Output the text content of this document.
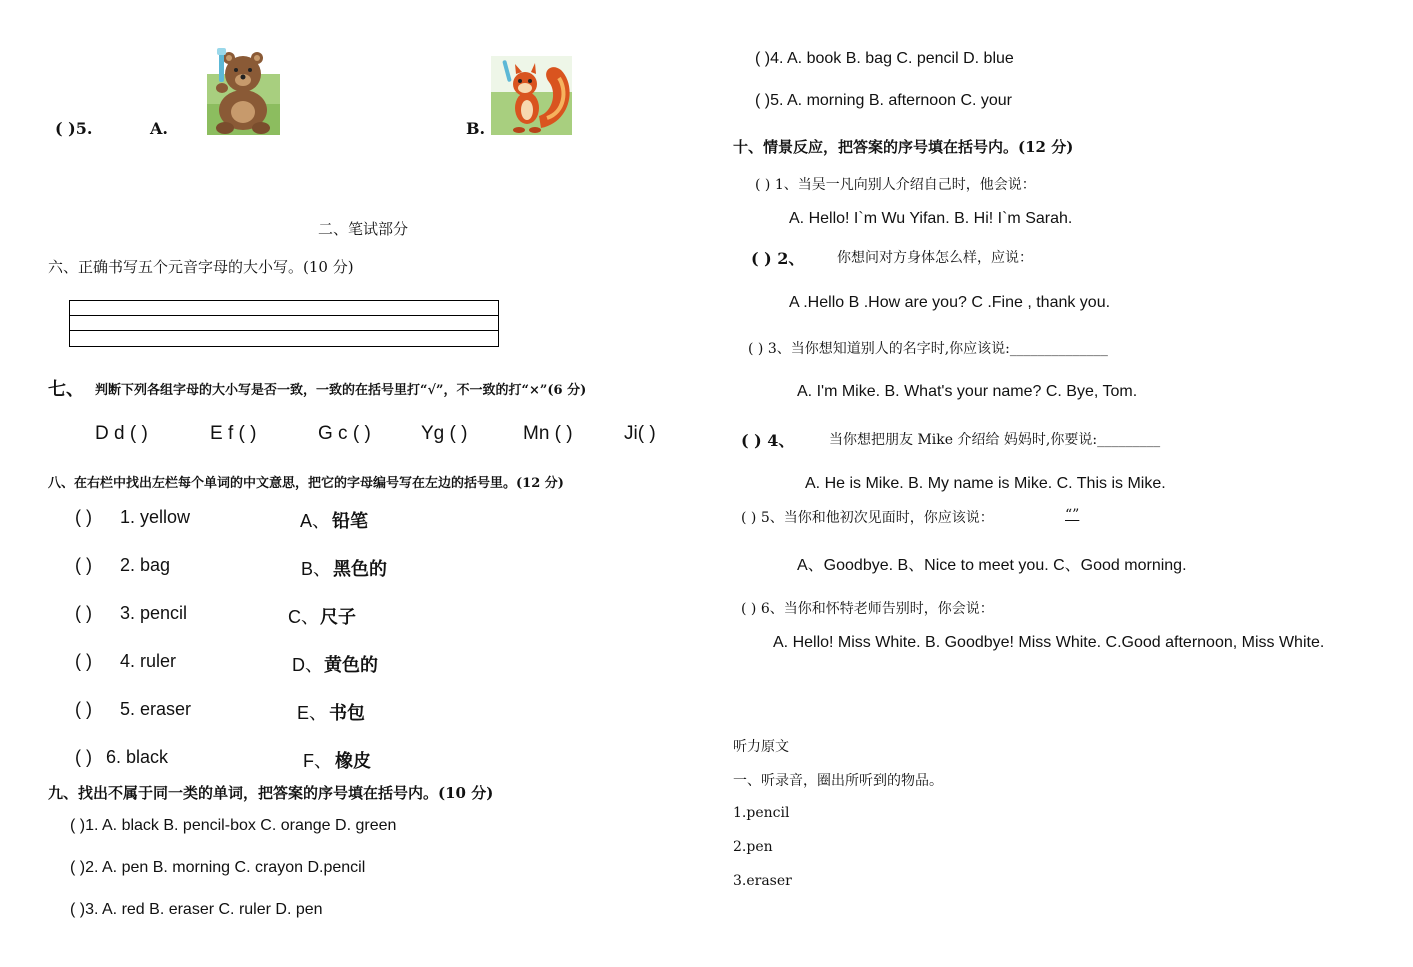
( )5.	A.	B.
二、笔试部分
六、正确书写五个元音字母的大小写。(10 分)
七、 判断下列各组字母的大小写是否一致，一致的在括号里打“√”，不一致的打“×”(6 分)
D d ( )	E f ( )	G c ( )	Yg ( )	Mn ( )	Ji( )
八、在右栏中找出左栏每个单词的中文意思，把它的字母编号写在左边的括号里。(12 分)
( ) 1. yellow	A、 铅笔
( ) 2. bag	B、 黑色的
( ) 3. pencil	C、 尺子
( ) 4. ruler	D、 黄色的
( ) 5. eraser	E、 书包
( ) 6. black	F、 橡皮
九、找出不属于同一类的单词，把答案的序号填在括号内。(10 分)
( )1. A. black B. pencil-box C. orange D. green
( )2. A. pen B. morning C. crayon D.pencil
( )3. A. red B. eraser C. ruler D. pen
( )4. A. book B. bag C. pencil D. blue
( )5. A. morning B. afternoon C. your
十、情景反应，把答案的序号填在括号内。(12 分)
( ) 1、当吴一凡向别人介绍自己时，他会说：
A. Hello! I`m Wu Yifan. B. Hi! I`m Sarah.
( ) 2、 你想问对方身体怎么样，应说：
A .Hello B .How are you? C .Fine , thank you.
( ) 3、当你想知道别人的名字时,你应该说:______________
A. I'm Mike. B. What's your name? C. Bye, Tom.
( ) 4、 当你想把朋友 Mike 介绍给 妈妈时,你要说:_________
A. He is Mike. B. My name is Mike. C. This is Mike.
( ) 5、当你和他初次见面时，你应该说：	“”
A、Goodbye. B、Nice to meet you. C、Good morning.
( ) 6、当你和怀特老师告别时，你会说：
A. Hello! Miss White. B. Goodbye! Miss White. C.Good afternoon, Miss White.
听力原文
一、听录音，圈出所听到的物品。
1.pencil
2.pen
3.eraser
